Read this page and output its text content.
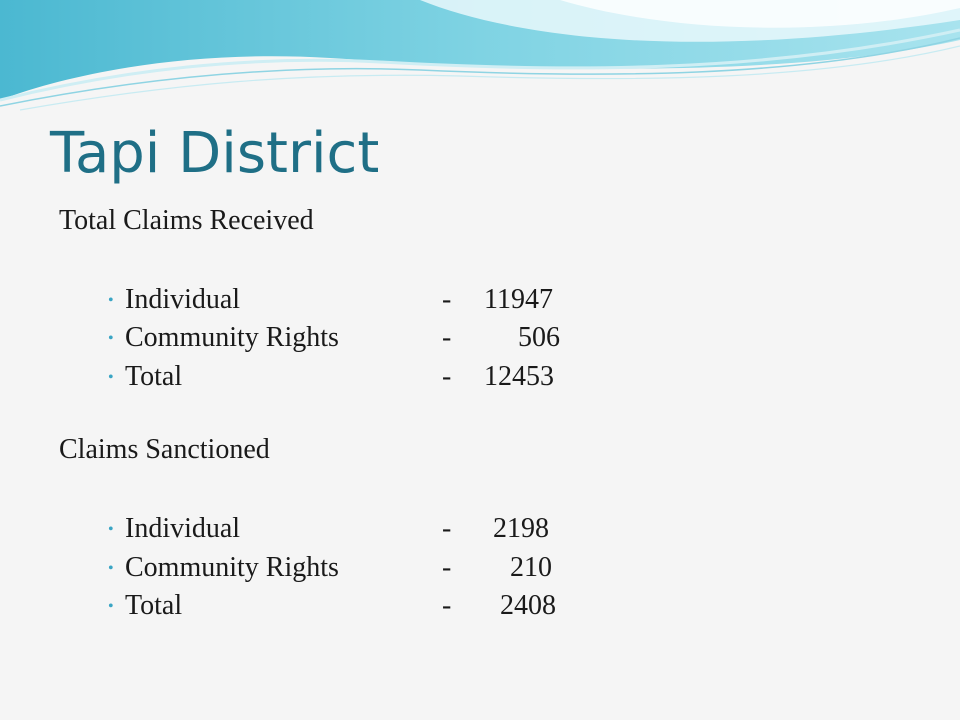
Tapi District
Total Claims Received
• Individual	- 11947
• Community Rights	- 506
• Total	- 12453
Claims Sanctioned
• Individual	- 2198
• Community Rights	- 210
• Total	- 2408
